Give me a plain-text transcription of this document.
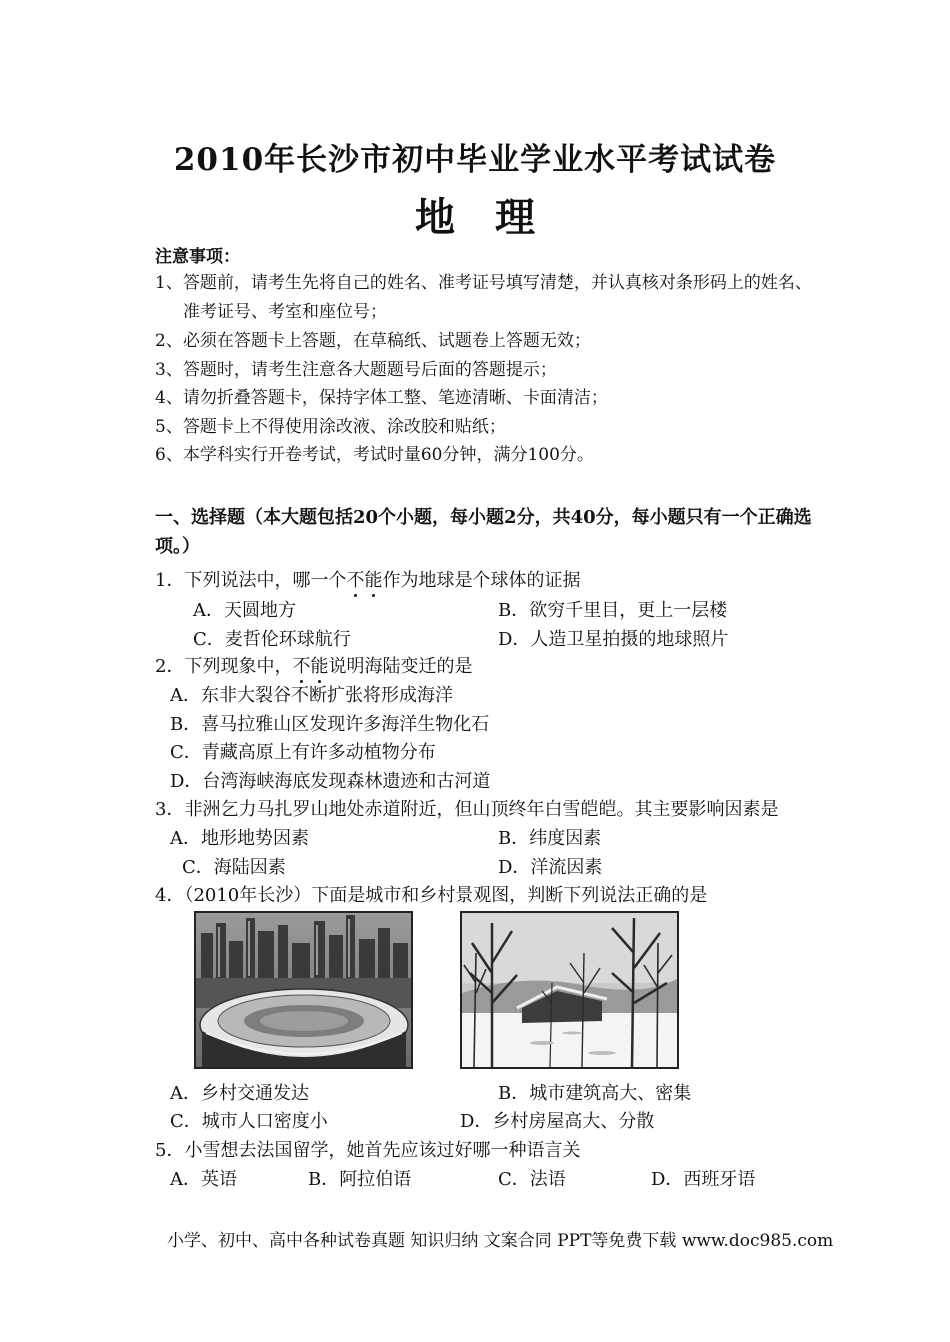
2010年长沙市初中毕业学业水平考试试卷
地理
注意事项：
1、答题前，请考生先将自己的姓名、准考证号填写清楚，并认真核对条形码上的姓名、
准考证号、考室和座位号；
2、必须在答题卡上答题，在草稿纸、试题卷上答题无效；
3、答题时，请考生注意各大题题号后面的答题提示；
4、请勿折叠答题卡，保持字体工整、笔迹清晰、卡面清洁；
5、答题卡上不得使用涂改液、涂改胶和贴纸；
6、本学科实行开卷考试，考试时量60分钟，满分100分。
一、选择题（本大题包括20个小题，每小题2分，共40分，每小题只有一个正确选
项。）
1．下列说法中，哪一个不能作为地球是个球体的证据
A．天圆地方	B．欲穷千里目，更上一层楼
C．麦哲伦环球航行	D．人造卫星拍摄的地球照片
2．下列现象中，不能说明海陆变迁的是
A．东非大裂谷不断扩张将形成海洋
B．喜马拉雅山区发现许多海洋生物化石
C．青藏高原上有许多动植物分布
D．台湾海峡海底发现森林遗迹和古河道
3．非洲乞力马扎罗山地处赤道附近，但山顶终年白雪皑皑。其主要影响因素是
A．地形地势因素	B．纬度因素
C．海陆因素	D．洋流因素
4．（2010年长沙）下面是城市和乡村景观图，判断下列说法正确的是
A．乡村交通发达	B．城市建筑高大、密集
C．城市人口密度小	D．乡村房屋高大、分散
5．小雪想去法国留学，她首先应该过好哪一种语言关
A．英语	B．阿拉伯语	C．法语	D．西班牙语
小学、初中、高中各种试卷真题 知识归纳 文案合同 PPT等免费下载 www.doc985.com
